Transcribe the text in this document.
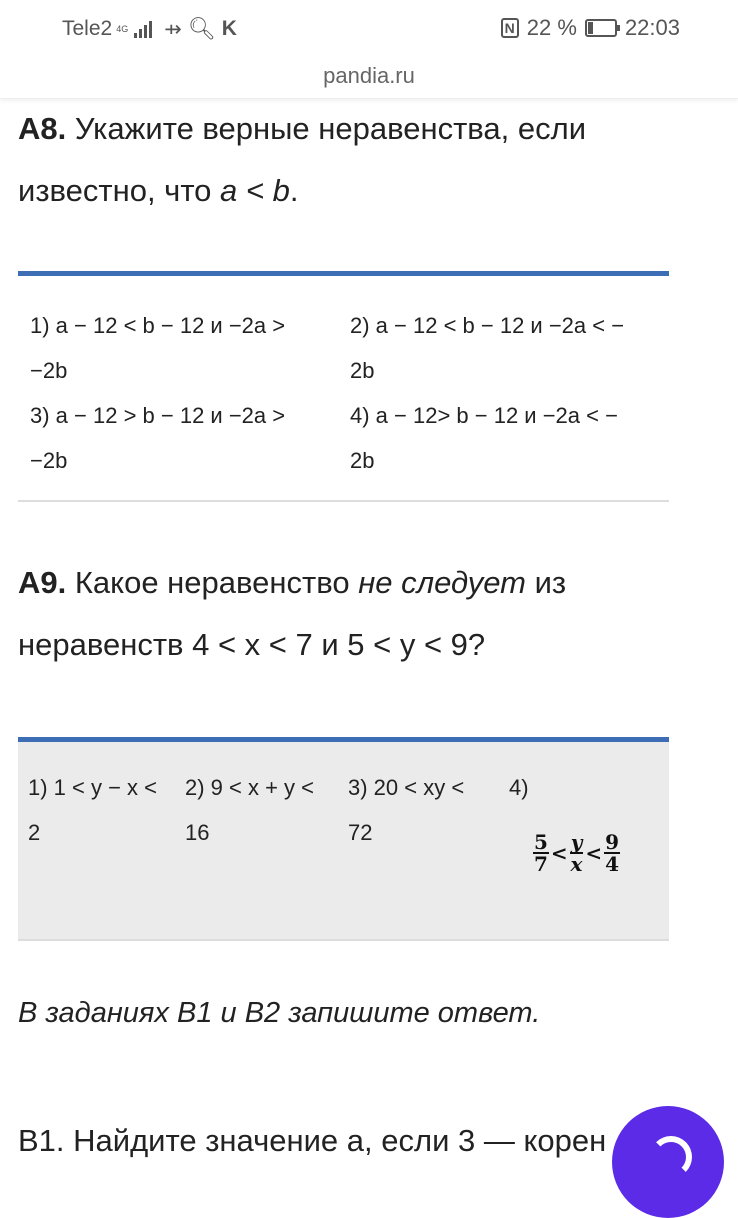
Tele2 4G ⇸ 🔍︎ K	N 22 % 22:03
pandia.ru
A8. Укажите верные неравенства, если
известно, что a < b.
1) a − 12 < b − 12 и −2a >
−2b
2) a − 12 < b − 12 и −2a < −
2b
3) a − 12 > b − 12 и −2a >
−2b
4) a − 12> b − 12 и −2a < −
2b
A9. Какое неравенство не следует из
неравенств 4 < x < 7 и 5 < y < 9?
1) 1 < y − x <
2
2) 9 < x + y <
16
3) 20 < xy <
72
4)
$\frac{5}{7} < \frac{y}{x} < \frac{9}{4}$
В заданиях В1 и В2 запишите ответ.
В1. Найдите значение a, если 3 — корен
